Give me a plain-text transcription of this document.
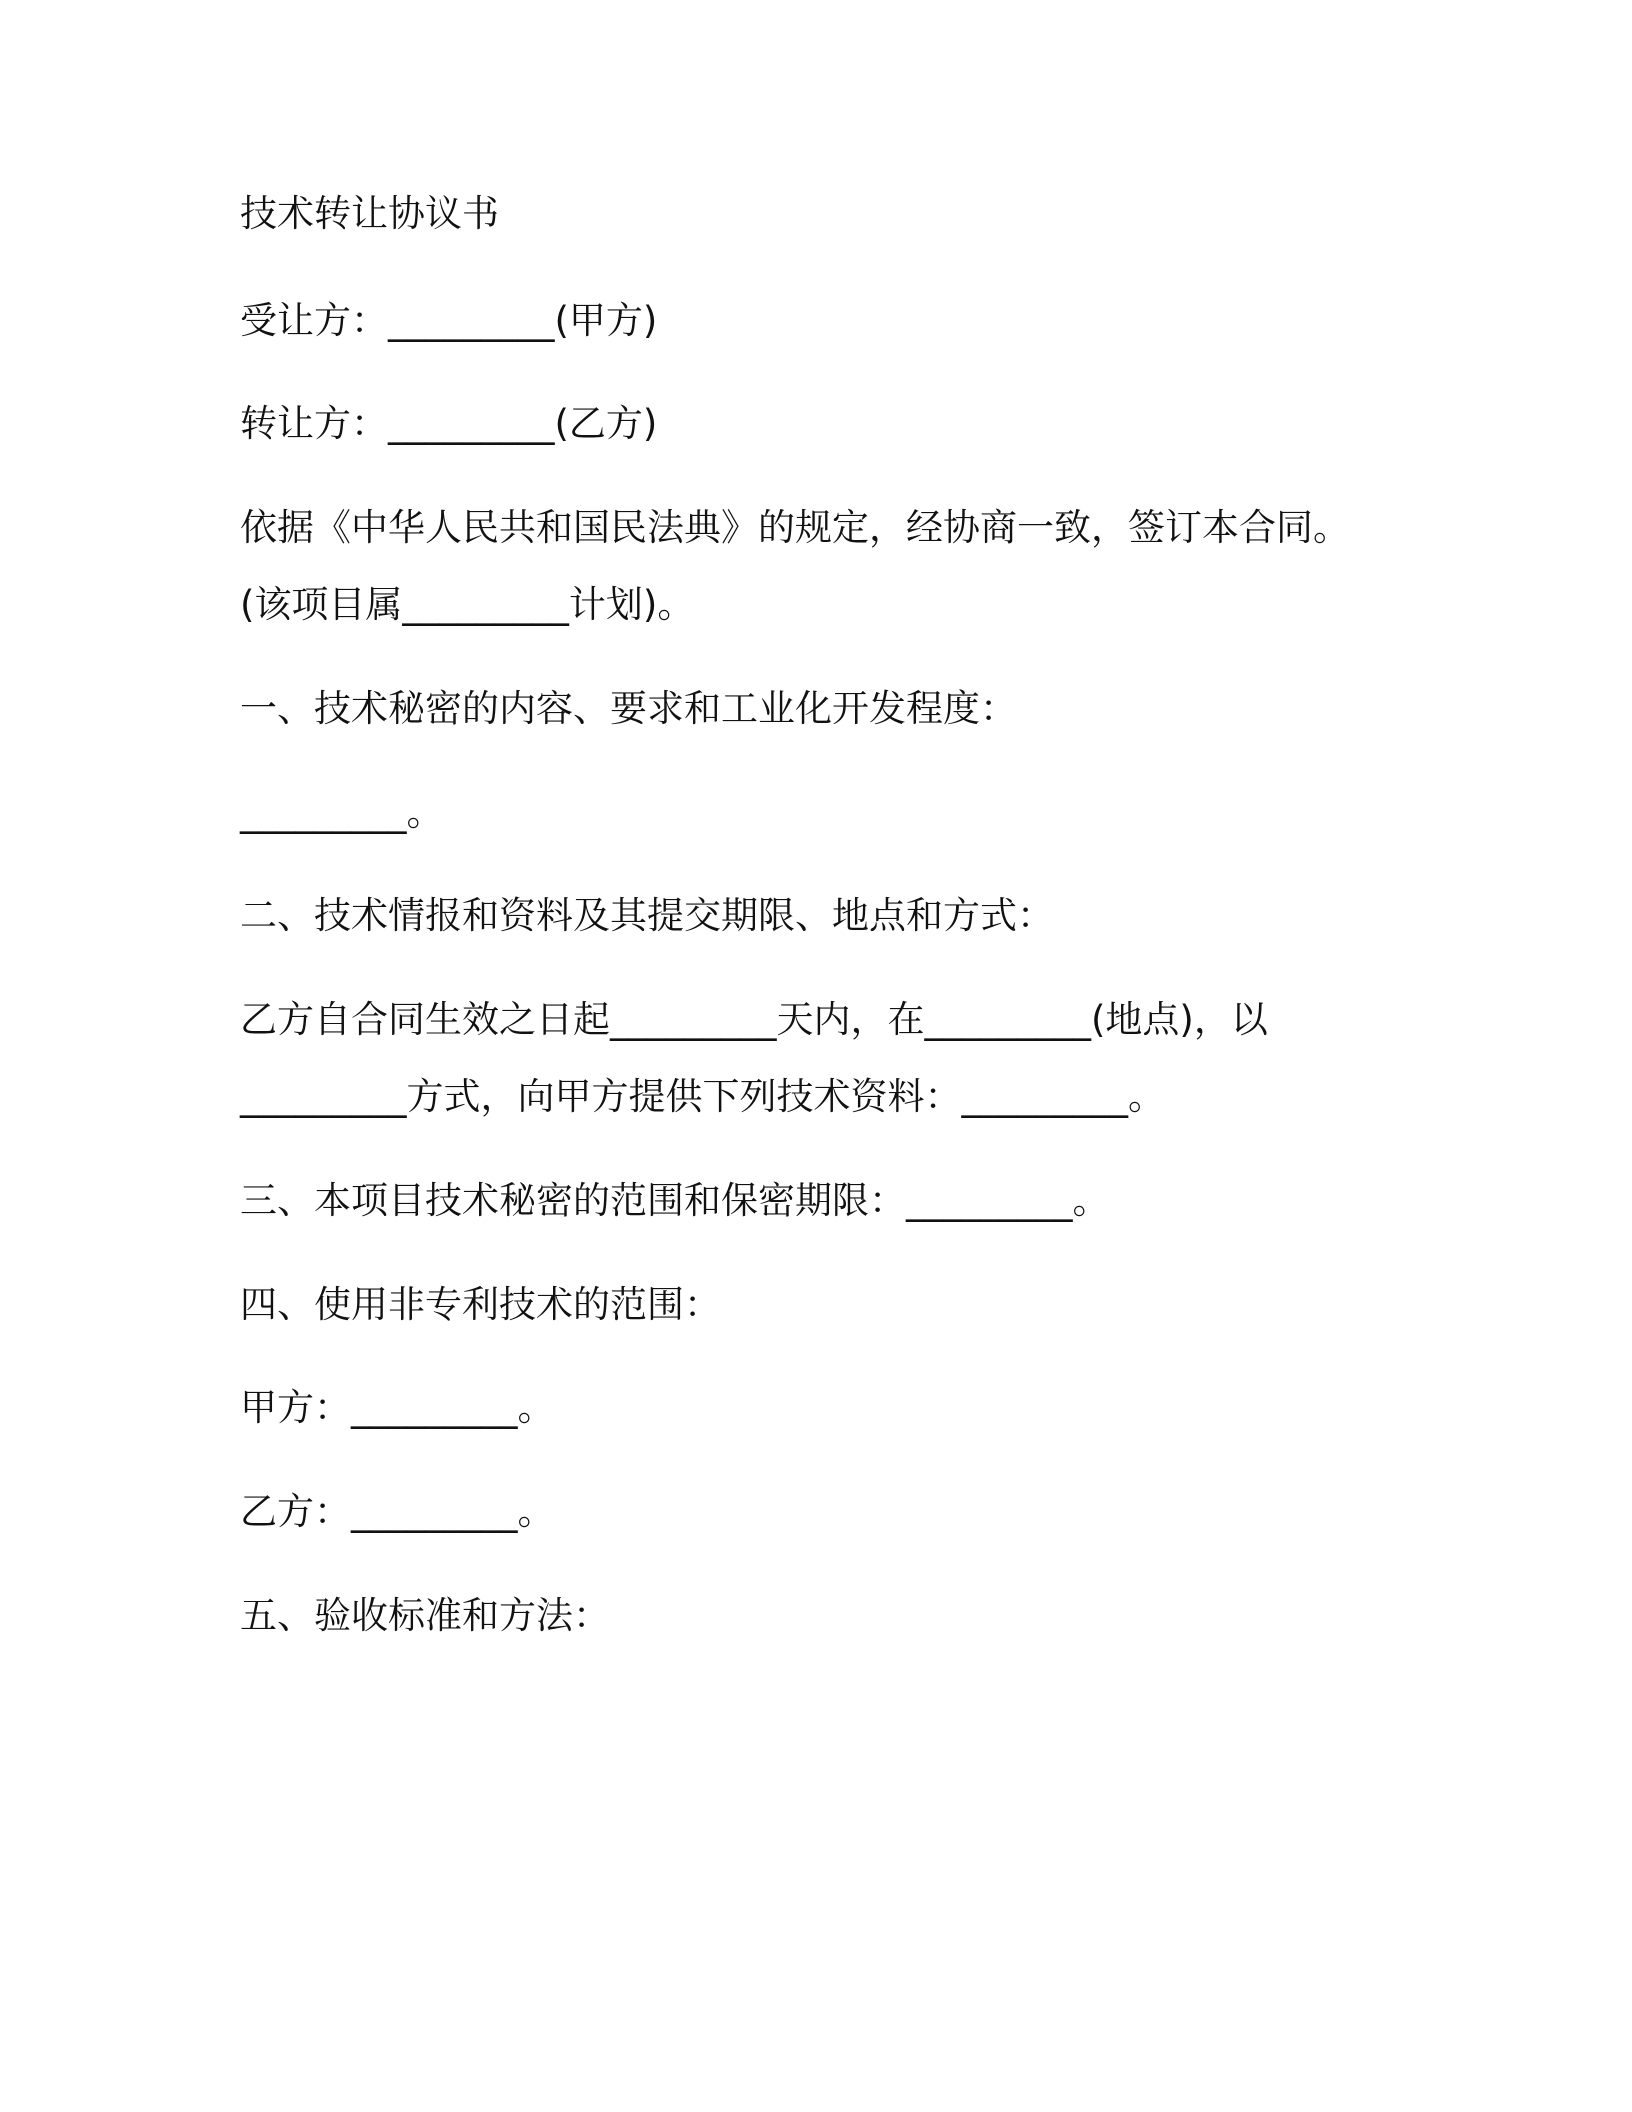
技术转让协议书

受让方：_________(甲方)

转让方：_________(乙方)

依据《中华人民共和国民法典》的规定，经协商一致，签订本合同。

(该项目属_________计划)。

一、技术秘密的内容、要求和工业化开发程度：

_________。

二、技术情报和资料及其提交期限、地点和方式：

乙方自合同生效之日起_________天内，在_________(地点)，以

_________方式，向甲方提供下列技术资料：_________。

三、本项目技术秘密的范围和保密期限：_________。

四、使用非专利技术的范围：

甲方：_________。

乙方：_________。

五、验收标准和方法：
